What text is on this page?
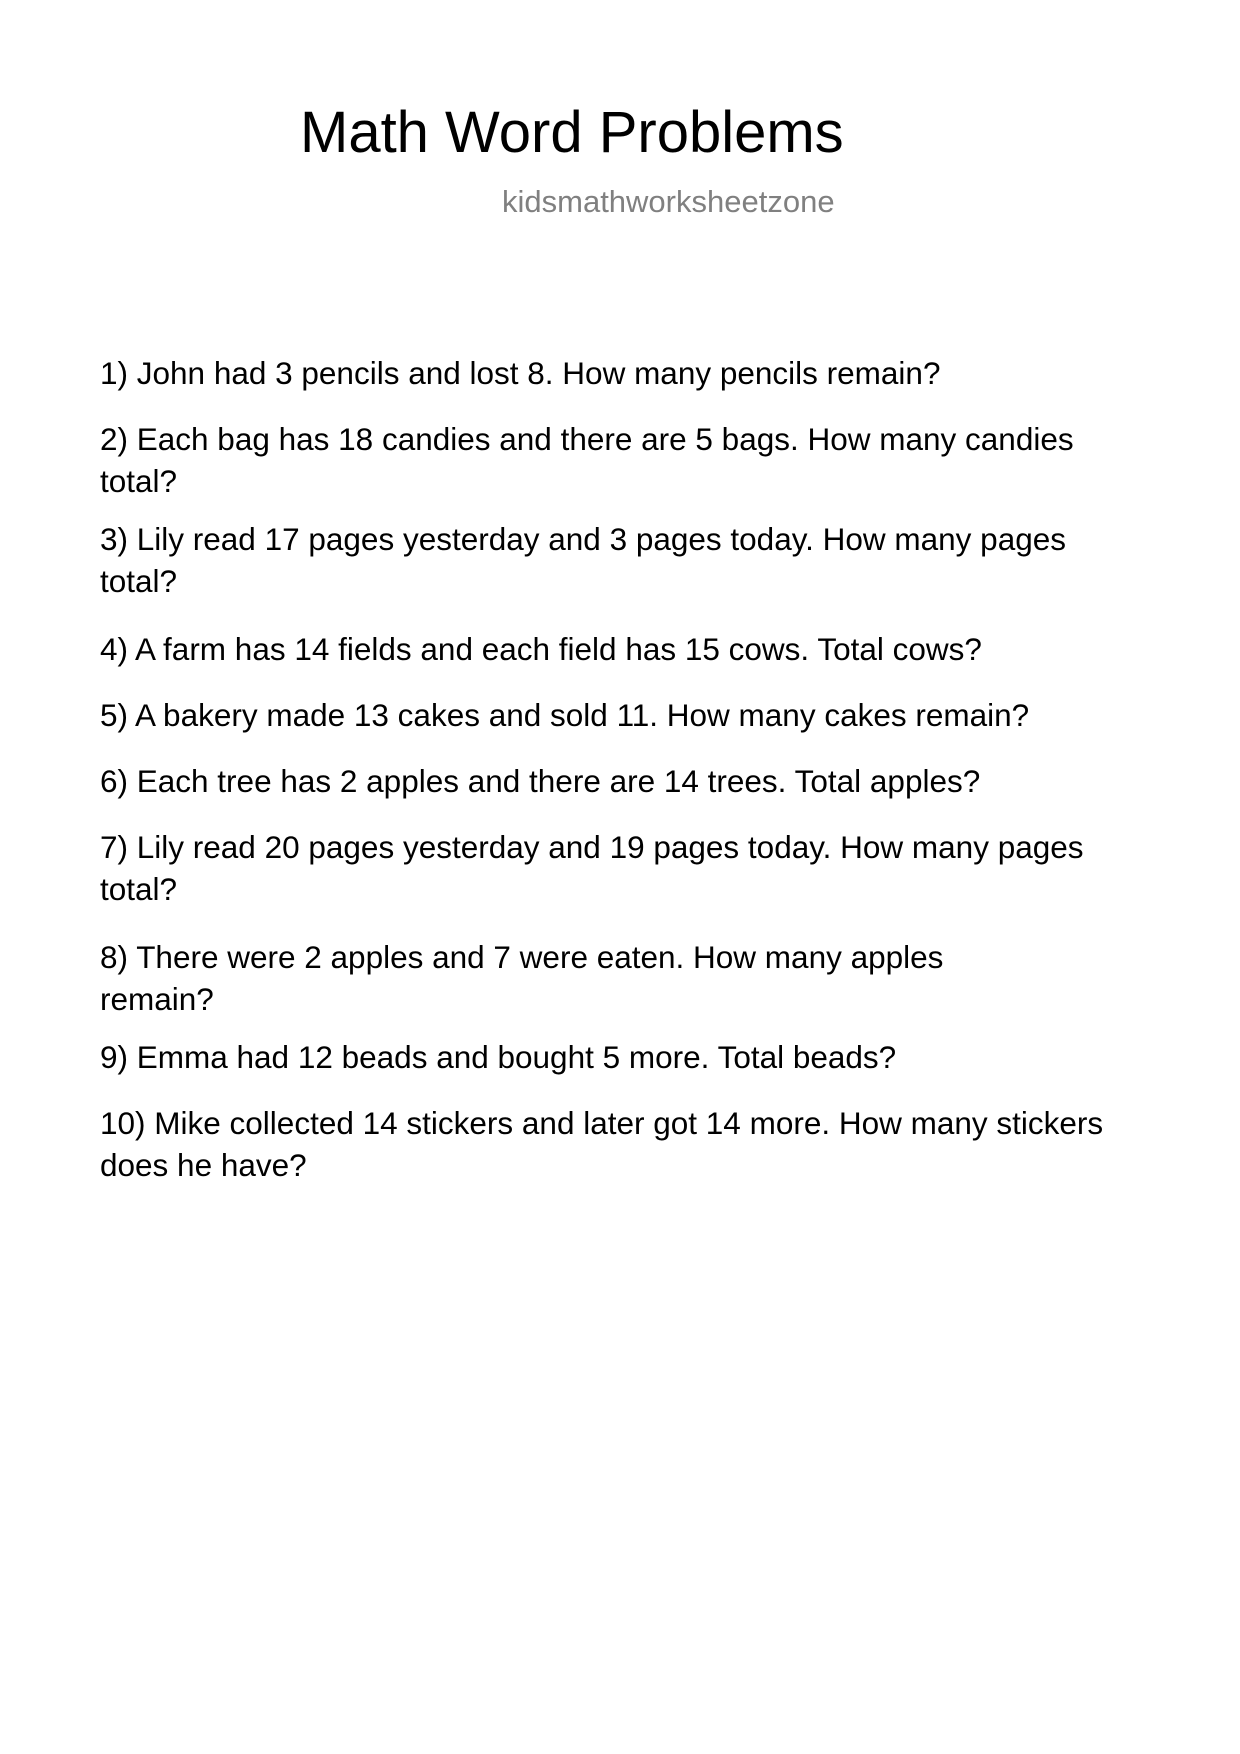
Math Word Problems
kidsmathworksheetzone
1) John had 3 pencils and lost 8. How many pencils remain?
2) Each bag has 18 candies and there are 5 bags. How many candies total?
3) Lily read 17 pages yesterday and 3 pages today. How many pages total?
4) A farm has 14 fields and each field has 15 cows. Total cows?
5) A bakery made 13 cakes and sold 11. How many cakes remain?
6) Each tree has 2 apples and there are 14 trees. Total apples?
7) Lily read 20 pages yesterday and 19 pages today. How many pages total?
8) There were 2 apples and 7 were eaten. How many apples remain?
9) Emma had 12 beads and bought 5 more. Total beads?
10) Mike collected 14 stickers and later got 14 more. How many stickers does he have?
